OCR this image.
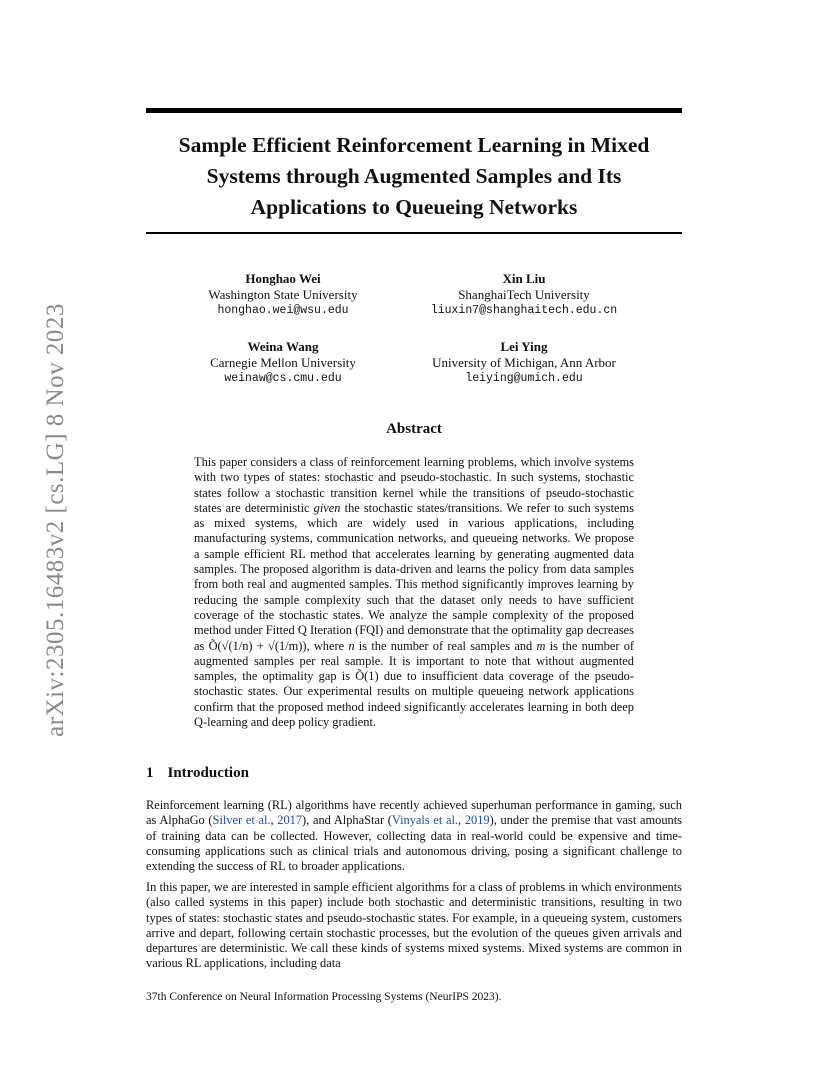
arXiv:2305.16483v2 [cs.LG] 8 Nov 2023
Sample Efficient Reinforcement Learning in Mixed
Systems through Augmented Samples and Its
Applications to Queueing Networks
Honghao Wei
Washington State University
honghao.wei@wsu.edu
Xin Liu
ShanghaiTech University
liuxin7@shanghaitech.edu.cn
Weina Wang
Carnegie Mellon University
weinaw@cs.cmu.edu
Lei Ying
University of Michigan, Ann Arbor
leiying@umich.edu
Abstract
This paper considers a class of reinforcement learning problems, which involve systems with two types of states: stochastic and pseudo-stochastic. In such systems, stochastic states follow a stochastic transition kernel while the transitions of pseudo-stochastic states are deterministic given the stochastic states/transitions. We refer to such systems as mixed systems, which are widely used in various applications, including manufacturing systems, communication networks, and queueing networks. We propose a sample efficient RL method that accelerates learning by generating augmented data samples. The proposed algorithm is data-driven and learns the policy from data samples from both real and augmented samples. This method significantly improves learning by reducing the sample complexity such that the dataset only needs to have sufficient coverage of the stochastic states. We analyze the sample complexity of the proposed method under Fitted Q Iteration (FQI) and demonstrate that the optimality gap decreases as Õ(√(1/n) + √(1/m)), where n is the number of real samples and m is the number of augmented samples per real sample. It is important to note that without augmented samples, the optimality gap is Õ(1) due to insufficient data coverage of the pseudo-stochastic states. Our experimental results on multiple queueing network applications confirm that the proposed method indeed significantly accelerates learning in both deep Q-learning and deep policy gradient.
1 Introduction
Reinforcement learning (RL) algorithms have recently achieved superhuman performance in gaming, such as AlphaGo (Silver et al., 2017), and AlphaStar (Vinyals et al., 2019), under the premise that vast amounts of training data can be collected. However, collecting data in real-world could be expensive and time-consuming applications such as clinical trials and autonomous driving, posing a significant challenge to extending the success of RL to broader applications.
In this paper, we are interested in sample efficient algorithms for a class of problems in which environments (also called systems in this paper) include both stochastic and deterministic transitions, resulting in two types of states: stochastic states and pseudo-stochastic states. For example, in a queueing system, customers arrive and depart, following certain stochastic processes, but the evolution of the queues given arrivals and departures are deterministic. We call these kinds of systems mixed systems. Mixed systems are common in various RL applications, including data
37th Conference on Neural Information Processing Systems (NeurIPS 2023).
